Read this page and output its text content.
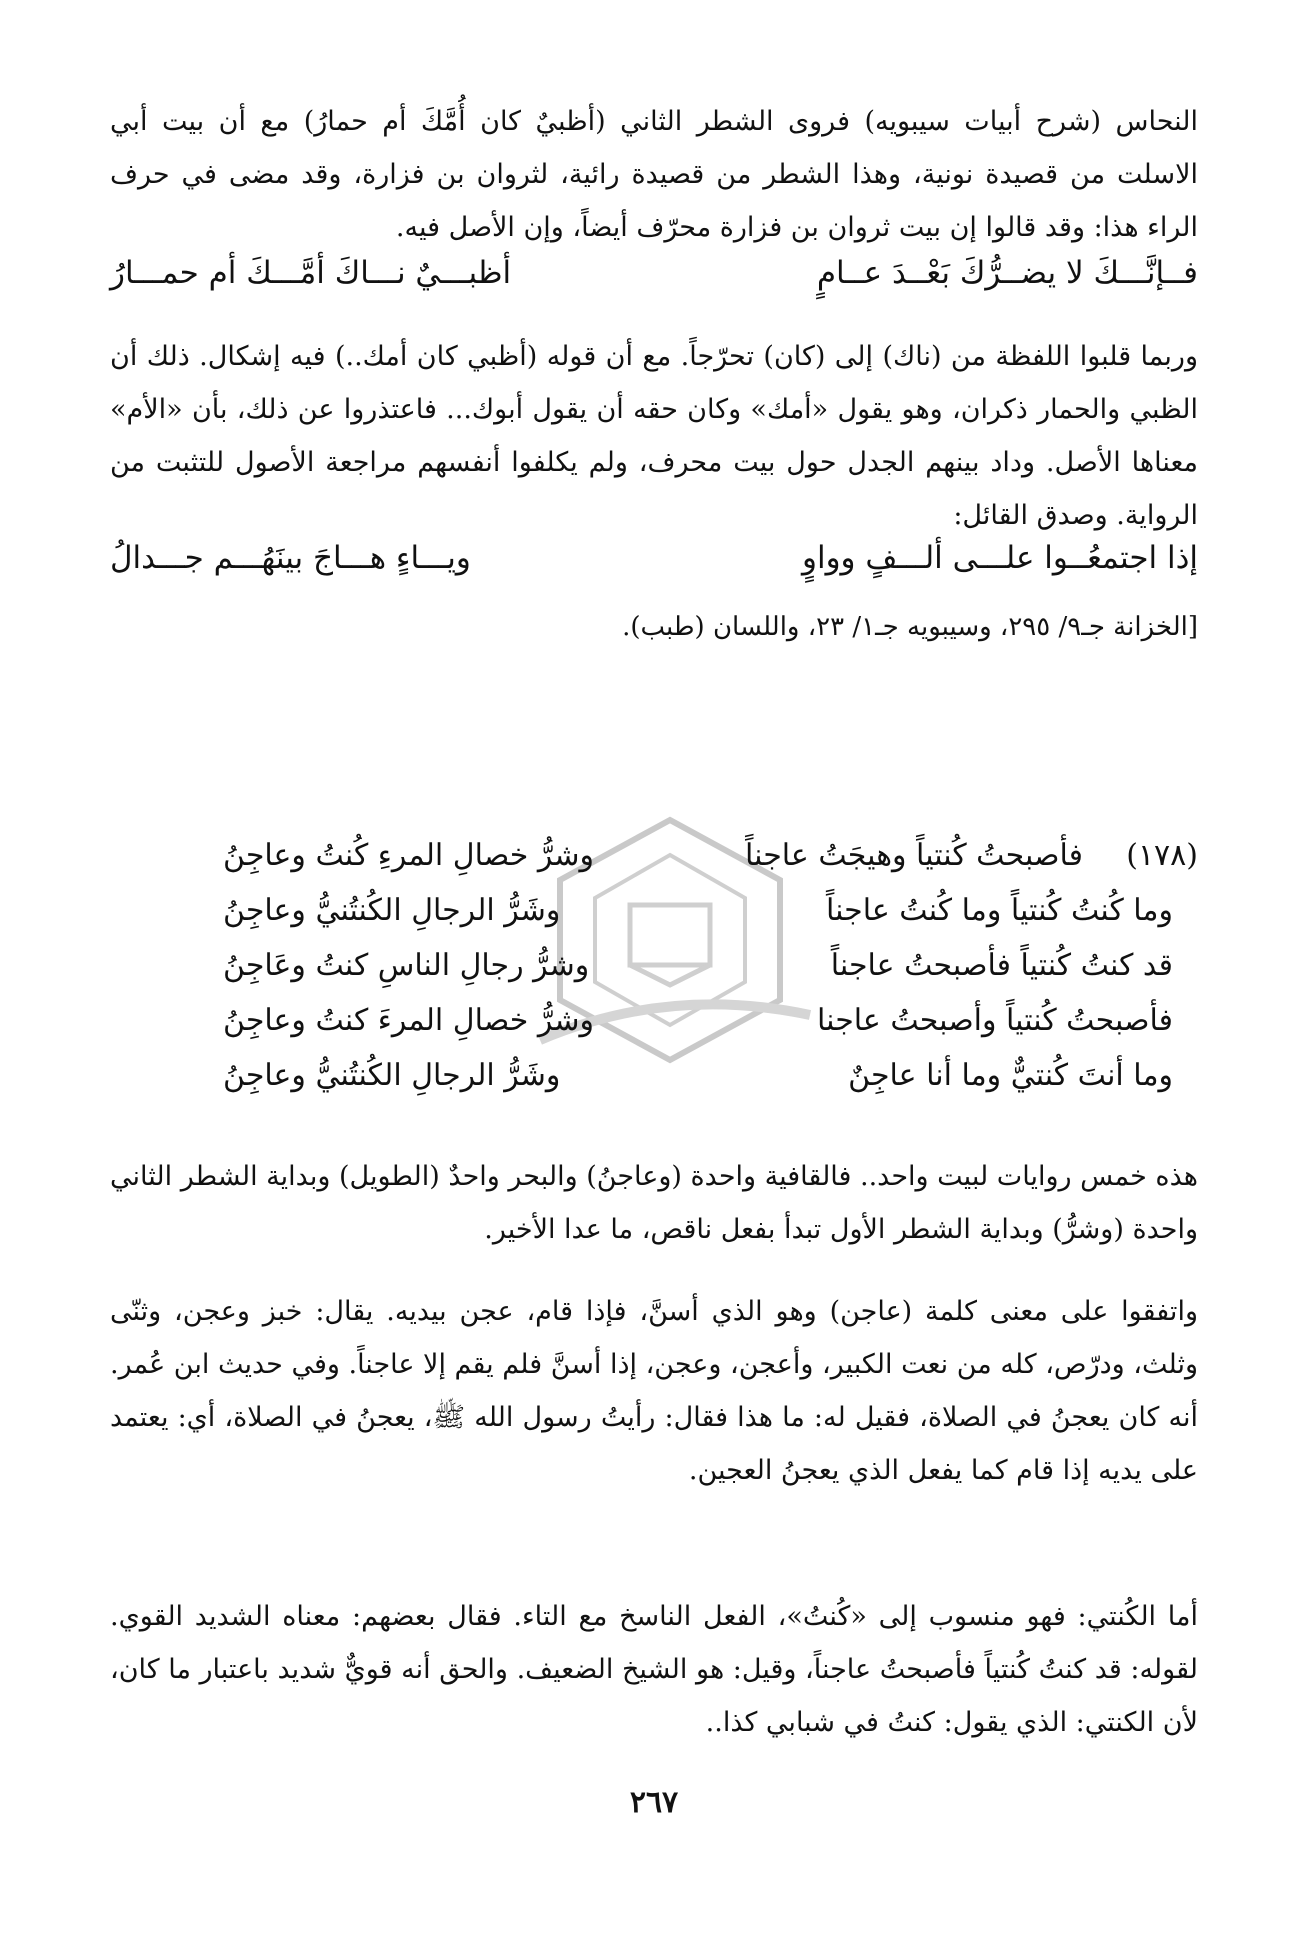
النحاس (شرح أبيات سيبويه) فروى الشطر الثاني (أظبيٌ كان أُمَّكَ أم حمارُ) مع أن بيت أبي الاسلت من قصيدة نونية، وهذا الشطر من قصيدة رائية، لثروان بن فزارة، وقد مضى في حرف الراء هذا: وقد قالوا إن بيت ثروان بن فزارة محرّف أيضاً، وإن الأصل فيه.

فــإنَّـــكَ لا يضــرُّكَ بَعْــدَ عــامٍ
أظبـــيٌ نـــاكَ أمَّـــكَ أم حمـــارُ

وربما قلبوا اللفظة من (ناك) إلى (كان) تحرّجاً. مع أن قوله (أظبي كان أمك..) فيه إشكال. ذلك أن الظبي والحمار ذكران، وهو يقول «أمك» وكان حقه أن يقول أبوك... فاعتذروا عن ذلك، بأن «الأم» معناها الأصل. وداد بينهم الجدل حول بيت محرف، ولم يكلفوا أنفسهم مراجعة الأصول للتثبت من الرواية. وصدق القائل:

إذا اجتمعُــوا علـــى ألـــفٍ وواوٍ
ويـــاءٍ هـــاجَ بينَهُـــم جـــدالُ
[الخزانة جـ٩/ ٢٩٥، وسيبويه جـ١/ ٢٣، واللسان (طبب).
(١٧٨)
فأصبحتُ كُنتياً وهيجَتُ عاجناً
وشرُّ خصالِ المرءِ كُنتُ وعاجِنُ
وما كُنتُ كُنتياً وما كُنتُ عاجناً
وشَرُّ الرجالِ الكُنتُنيُّ وعاجِنُ
قد كنتُ كُنتياً فأصبحتُ عاجناً
وشرُّ رجالِ الناسِ كنتُ وعَاجِنُ
فأصبحتُ كُنتياً وأصبحتُ عاجنا
وشرُّ خصالِ المرءَ كنتُ وعاجِنُ
وما أنتَ كُنتيٌّ وما أنا عاجِنٌ
وشَرُّ الرجالِ الكُنتُنيُّ وعاجِنُ

هذه خمس روايات لبيت واحد.. فالقافية واحدة (وعاجنُ) والبحر واحدٌ (الطويل) وبداية الشطر الثاني واحدة (وشرُّ) وبداية الشطر الأول تبدأ بفعل ناقص، ما عدا الأخير.

واتفقوا على معنى كلمة (عاجن) وهو الذي أسنَّ، فإذا قام، عجن بيديه. يقال: خبز وعجن، وثنّى وثلث، ودرّص، كله من نعت الكبير، وأعجن، وعجن، إذا أسنَّ فلم يقم إلا عاجناً. وفي حديث ابن عُمر. أنه كان يعجنُ في الصلاة، فقيل له: ما هذا فقال: رأيتُ رسول الله ﷺ، يعجنُ في الصلاة، أي: يعتمد على يديه إذا قام كما يفعل الذي يعجنُ العجين.

أما الكُنتي: فهو منسوب إلى «كُنتُ»، الفعل الناسخ مع التاء. فقال بعضهم: معناه الشديد القوي. لقوله: قد كنتُ كُنتياً فأصبحتُ عاجناً، وقيل: هو الشيخ الضعيف. والحق أنه قويٌّ شديد باعتبار ما كان، لأن الكنتي: الذي يقول: كنتُ في شبابي كذا..

٢٦٧
